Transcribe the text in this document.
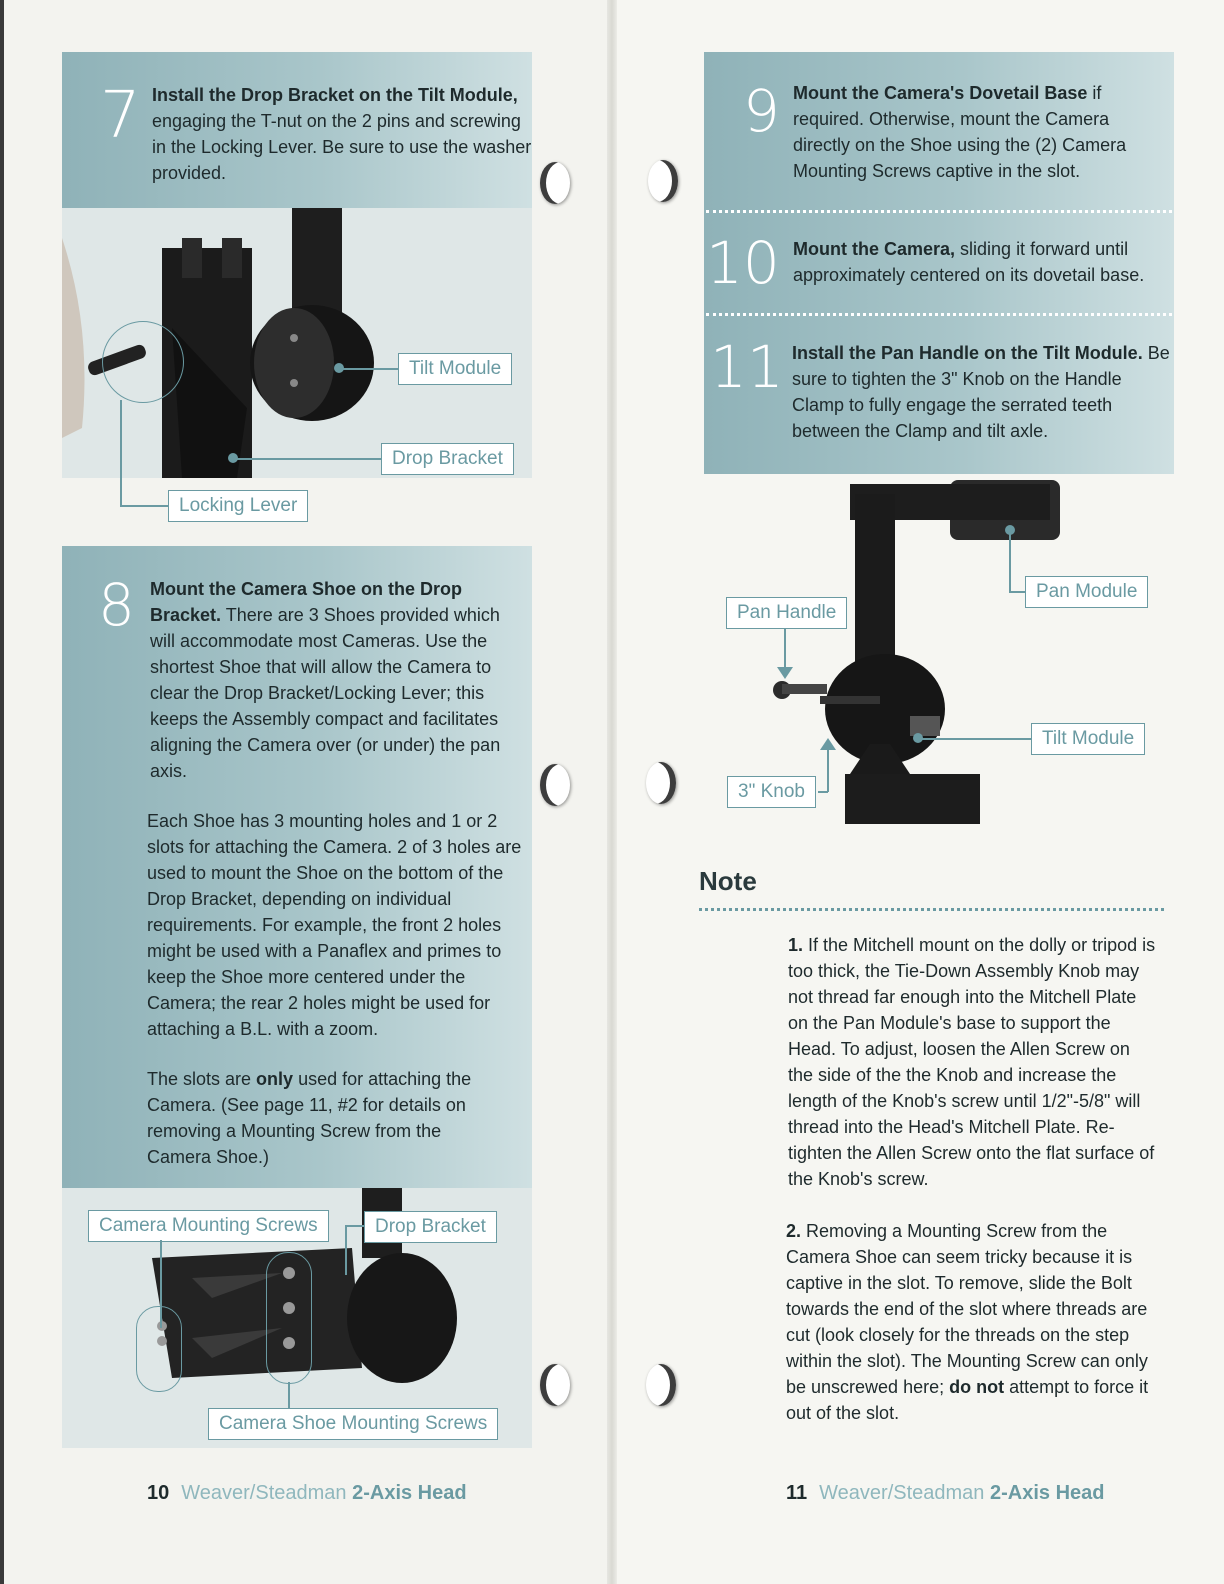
7 Install the Drop Bracket on the Tilt Module, engaging the T-nut on the 2 pins and screwing in the Locking Lever. Be sure to use the washer provided.
Tilt Module
Drop Bracket
Locking Lever
8 Mount the Camera Shoe on the Drop Bracket. There are 3 Shoes provided which will accommodate most Cameras. Use the shortest Shoe that will allow the Camera to clear the Drop Bracket/Locking Lever; this keeps the Assembly compact and facilitates aligning the Camera over (or under) the pan axis.
Each Shoe has 3 mounting holes and 1 or 2 slots for attaching the Camera. 2 of 3 holes are used to mount the Shoe on the bottom of the Drop Bracket, depending on individual requirements. For example, the front 2 holes might be used with a Panaflex and primes to keep the Shoe more centered under the Camera; the rear 2 holes might be used for attaching a B.L. with a zoom.
The slots are only used for attaching the Camera. (See page 11, #2 for details on removing a Mounting Screw from the Camera Shoe.)
Camera Mounting Screws	Drop Bracket
Camera Shoe Mounting Screws
10 Weaver/Steadman 2-Axis Head
9 Mount the Camera's Dovetail Base if required. Otherwise, mount the Camera directly on the Shoe using the (2) Camera Mounting Screws captive in the slot.
10 Mount the Camera, sliding it forward until approximately centered on its dovetail base.
11 Install the Pan Handle on the Tilt Module. Be sure to tighten the 3" Knob on the Handle Clamp to fully engage the serrated teeth between the Clamp and tilt axle.
Pan Module
Pan Handle
Tilt Module
3" Knob
Note
1. If the Mitchell mount on the dolly or tripod is too thick, the Tie-Down Assembly Knob may not thread far enough into the Mitchell Plate on the Pan Module's base to support the Head. To adjust, loosen the Allen Screw on the side of the the Knob and increase the length of the Knob's screw until 1/2"-5/8" will thread into the Head's Mitchell Plate. Re-tighten the Allen Screw onto the flat surface of the Knob's screw.
2. Removing a Mounting Screw from the Camera Shoe can seem tricky because it is captive in the slot. To remove, slide the Bolt towards the end of the slot where threads are cut (look closely for the threads on the step within the slot). The Mounting Screw can only be unscrewed here; do not attempt to force it out of the slot.
11 Weaver/Steadman 2-Axis Head
